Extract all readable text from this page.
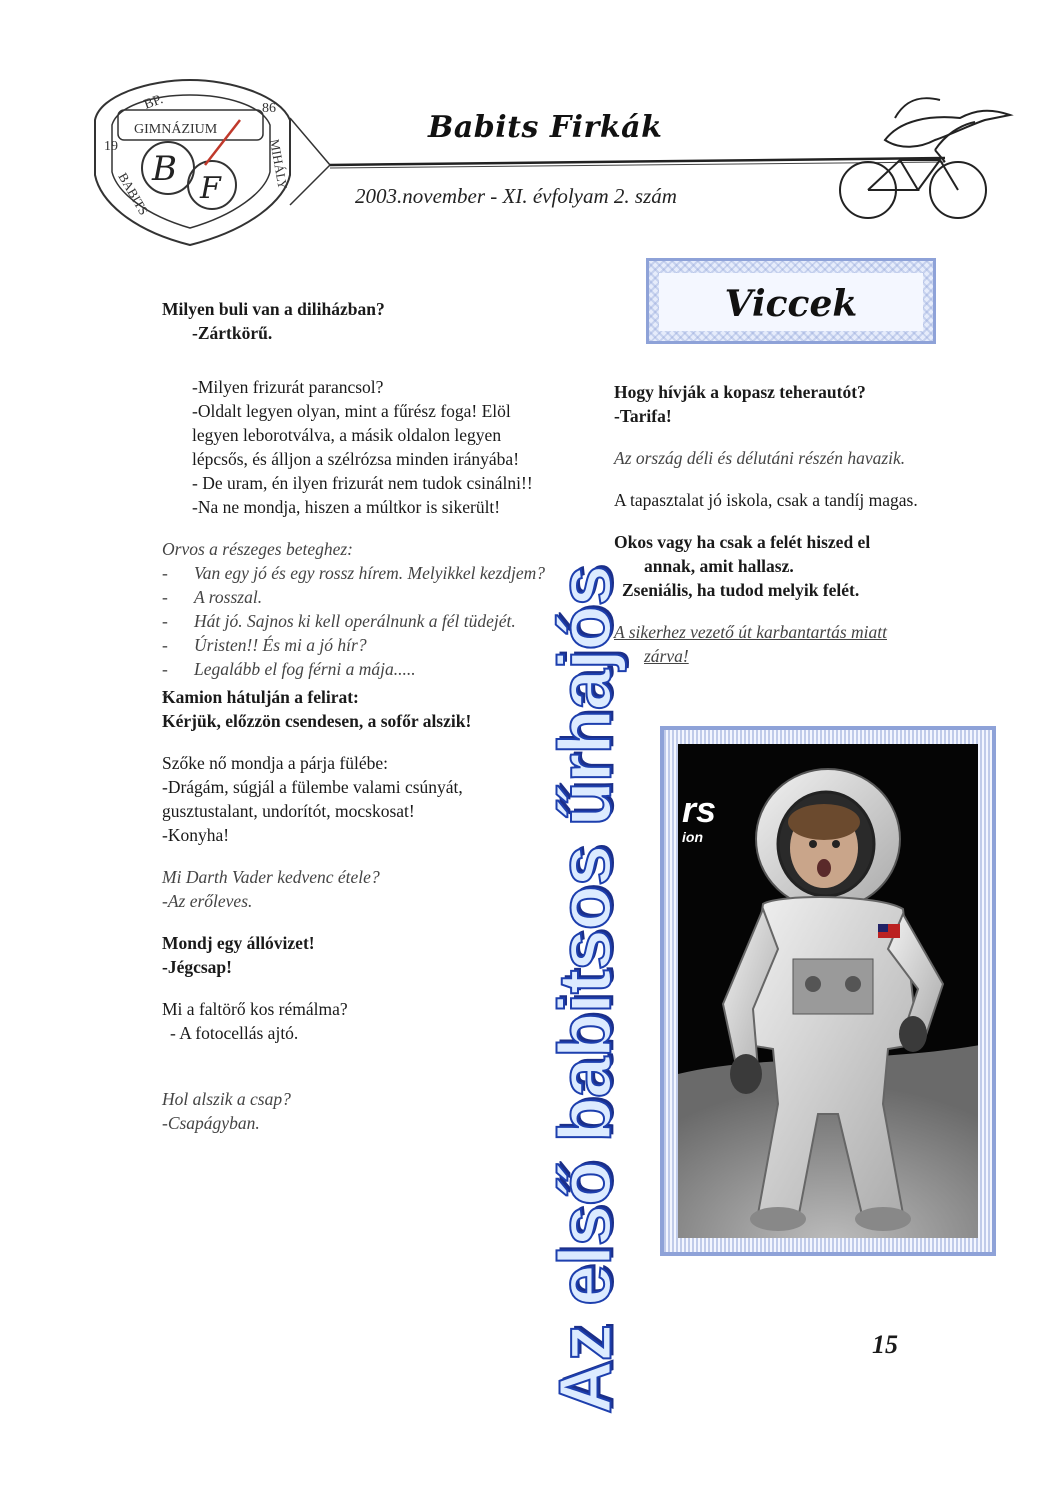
BP.
GIMNÁZIUM
19
86
BABITS
MIHÁLY
B F
Babits Firkák
2003.november - XI. évfolyam 2. szám
Viccek

Milyen buli van a diliházban?

-Zártkörű.

-Milyen frizurát parancsol?

-Oldalt legyen olyan, mint a fűrész foga! Elöl legyen leborotválva, a másik oldalon legyen lépcsős, és álljon a szélrózsa minden irányába!

- De uram, én ilyen frizurát nem tudok csinálni!!

-Na ne mondja, hiszen a múltkor is sikerült!

Orvos a részeges beteghez:

- Van egy jó és egy rossz hírem. Melyikkel kezdjem?
- A rosszal.
- Hát jó. Sajnos ki kell operálnunk a fél tüdejét.
- Úristen!! És mi a jó hír?
- Legalább el fog férni a mája.....

Kamion hátulján a felirat:

Kérjük, előzzön csendesen, a sofőr alszik!

Szőke nő mondja a párja fülébe:

-Drágám, súgjál a fülembe valami csúnyát, gusztustalant, undorítót, mocskosat!

-Konyha!

Mi Darth Vader kedvenc étele?

-Az erőleves.

Mondj egy állóvizet!

-Jégcsap!

Mi a faltörő kos rémálma?

- A fotocellás ajtó.

Hol alszik a csap?

-Csapágyban.

Hogy hívják a kopasz teherautót?

-Tarifa!

Az ország déli és délutáni részén havazik.

A tapasztalat jó iskola, csak a tandíj magas.

Okos vagy ha csak a felét hiszed el

annak, amit hallasz.

Zseniális, ha tudod melyik felét.

A sikerhez vezető út karbantartás miatt

zárva!

Az első babitsos űrhajós rs
ion
15
